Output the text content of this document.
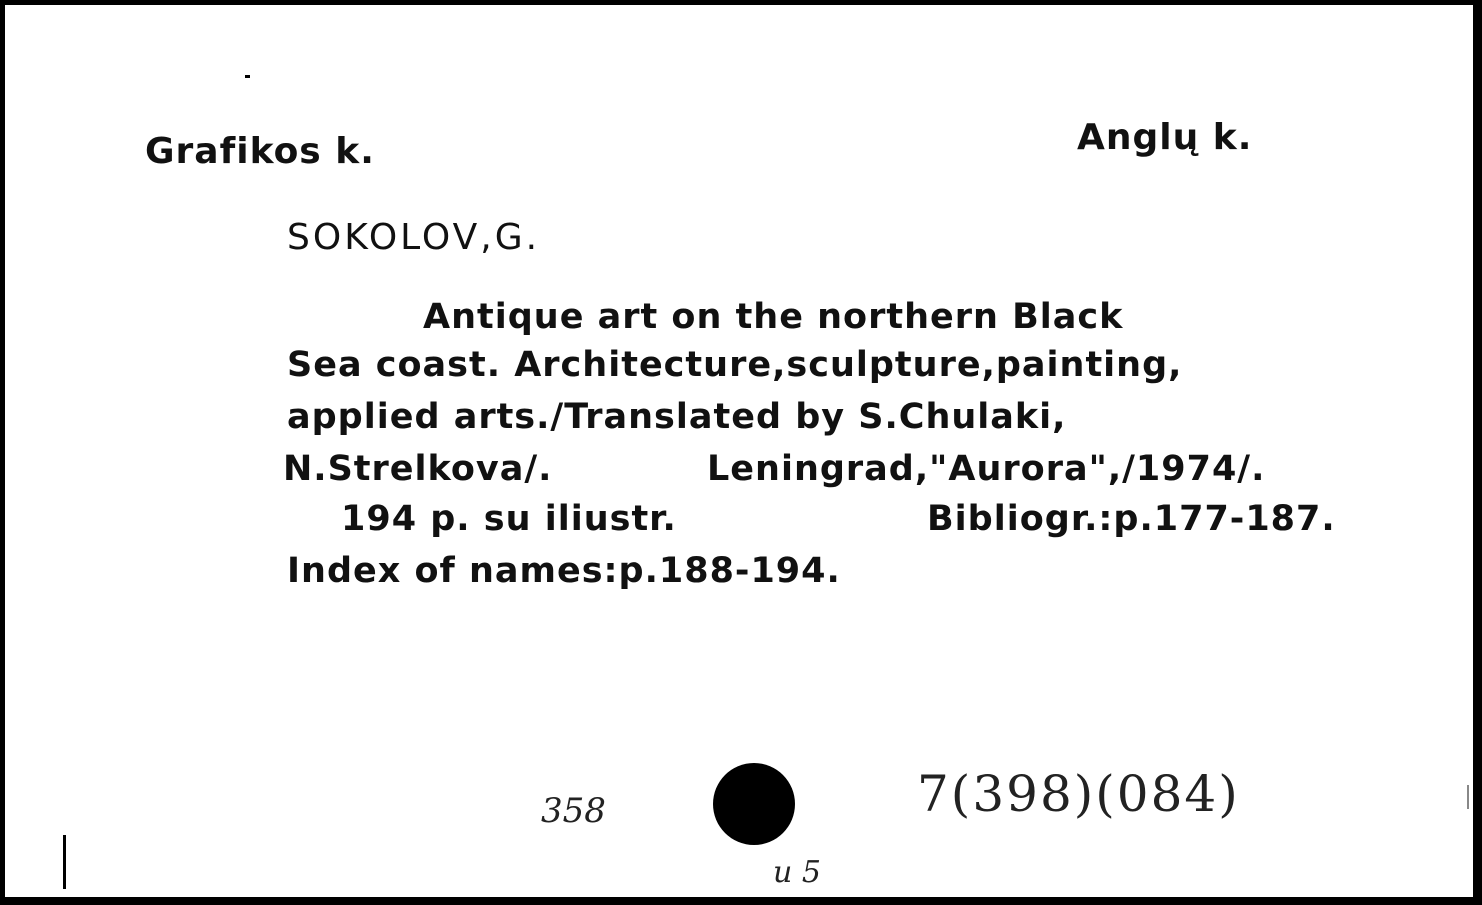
Grafikos k.	Anglų k.
SOKOLOV,G.
Antique art on the northern Black
Sea coast. Architecture,sculpture,painting,
applied arts./Translated by S.Chulaki,
N.Strelkova/.	Leningrad,"Aurora",/1974/.
194 p. su iliustr.	Bibliogr.:p.177-187.
Index of names:p.188-194.
358	7(398)(084)
и 5
